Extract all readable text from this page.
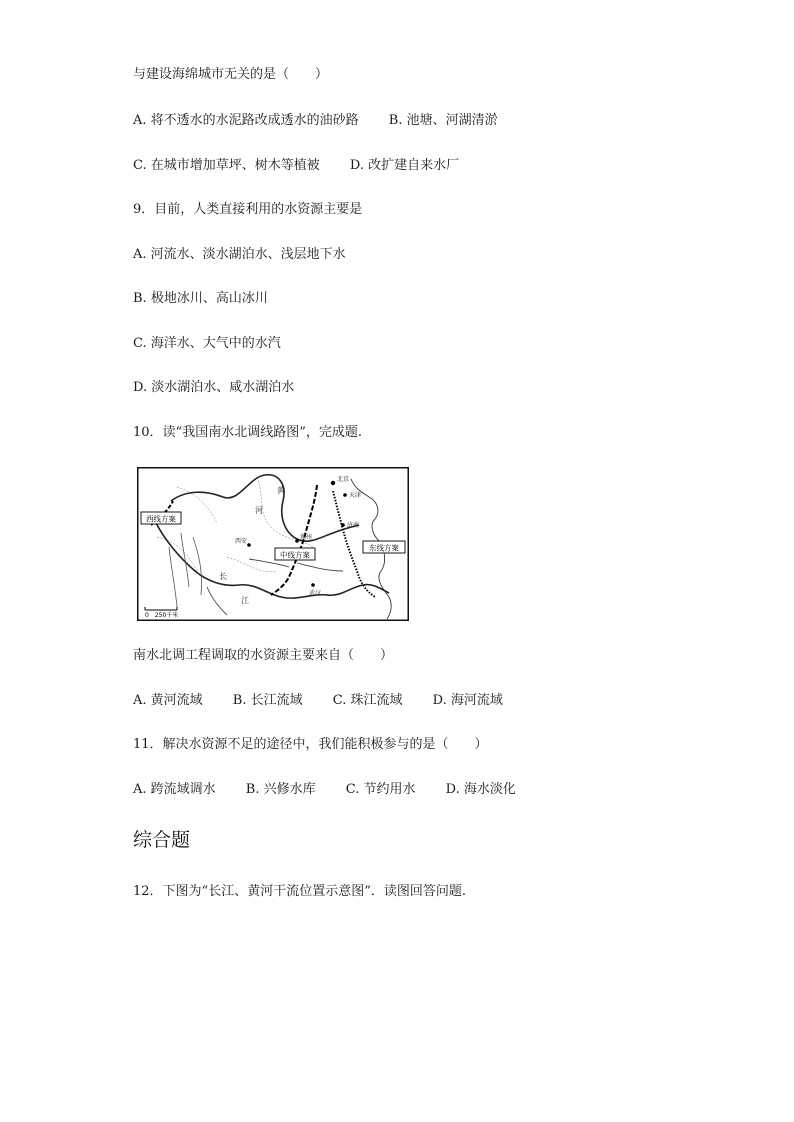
与建设海绵城市无关的是（　　）
A. 将不透水的水泥路改成透水的油砂路 B. 池塘、河湖清淤
C. 在城市增加草坪、树木等植被 D. 改扩建自来水厂
9．目前，人类直接利用的水资源主要是
A. 河流水、淡水湖泊水、浅层地下水
B. 极地冰川、高山冰川
C. 海洋水、大气中的水汽
D. 淡水湖泊水、咸水湖泊水
10．读“我国南水北调线路图”，完成题.
西线方案
中线方案
东线方案
北京
天津
西安
郑州
济南
武汉
黄
河
长
江
0　250千米
南水北调工程调取的水资源主要来自（　　）
A. 黄河流域 B. 长江流域 C. 珠江流域 D. 海河流域
11．解决水资源不足的途径中，我们能积极参与的是（　　）
A. 跨流域调水 B. 兴修水库 C. 节约用水 D. 海水淡化
综合题
12．下图为“长江、黄河干流位置示意图”．读图回答问题.
